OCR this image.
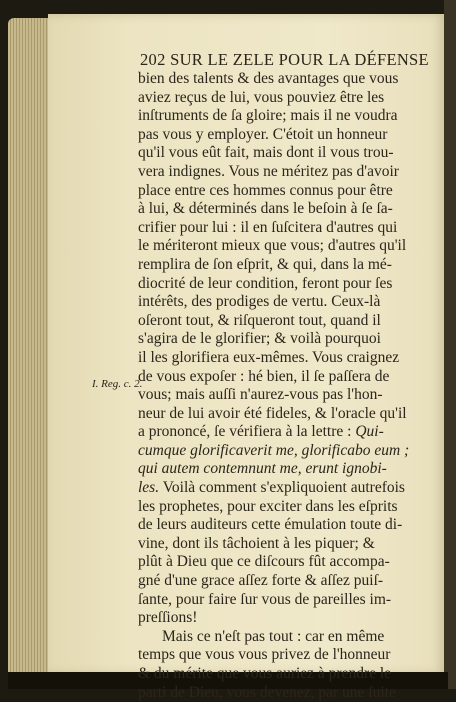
202 SUR LE ZELE POUR LA DÉFENSE
I. Reg. c. 2.
bien des talents & des avantages que vous
aviez reçus de lui, vous pouviez être les
inſtruments de ſa gloire; mais il ne voudra
pas vous y employer. C'étoit un honneur
qu'il vous eût fait, mais dont il vous trou-
vera indignes. Vous ne méritez pas d'avoir
place entre ces hommes connus pour être
à lui, & déterminés dans le beſoin à ſe ſa-
crifier pour lui : il en ſuſcitera d'autres qui
le mériteront mieux que vous; d'autres qu'il
remplira de ſon eſprit, & qui, dans la mé-
diocrité de leur condition, feront pour ſes
intérêts, des prodiges de vertu. Ceux-là
oſeront tout, & riſqueront tout, quand il
s'agira de le glorifier; & voilà pourquoi
il les glorifiera eux-mêmes. Vous craignez
de vous expoſer : hé bien, il ſe paſſera de
vous; mais auſſi n'aurez-vous pas l'hon-
neur de lui avoir été fideles, & l'oracle qu'il
a prononcé, ſe vérifiera à la lettre : Qui-
cumque glorificaverit me, glorificabo eum ;
qui autem contemnunt me, erunt ignobi-
les. Voilà comment s'expliquoient autrefois
les prophetes, pour exciter dans les eſprits
de leurs auditeurs cette émulation toute di-
vine, dont ils tâchoient à les piquer; &
plût à Dieu que ce diſcours fût accompa-
gné d'une grace aſſez forte & aſſez puiſ-
ſante, pour faire ſur vous de pareilles im-
preſſions!
Mais ce n'eſt pas tout : car en même
temps que vous vous privez de l'honneur
& du mérite que vous auriez à prendre le
parti de Dieu, vous devenez, par une ſuite
